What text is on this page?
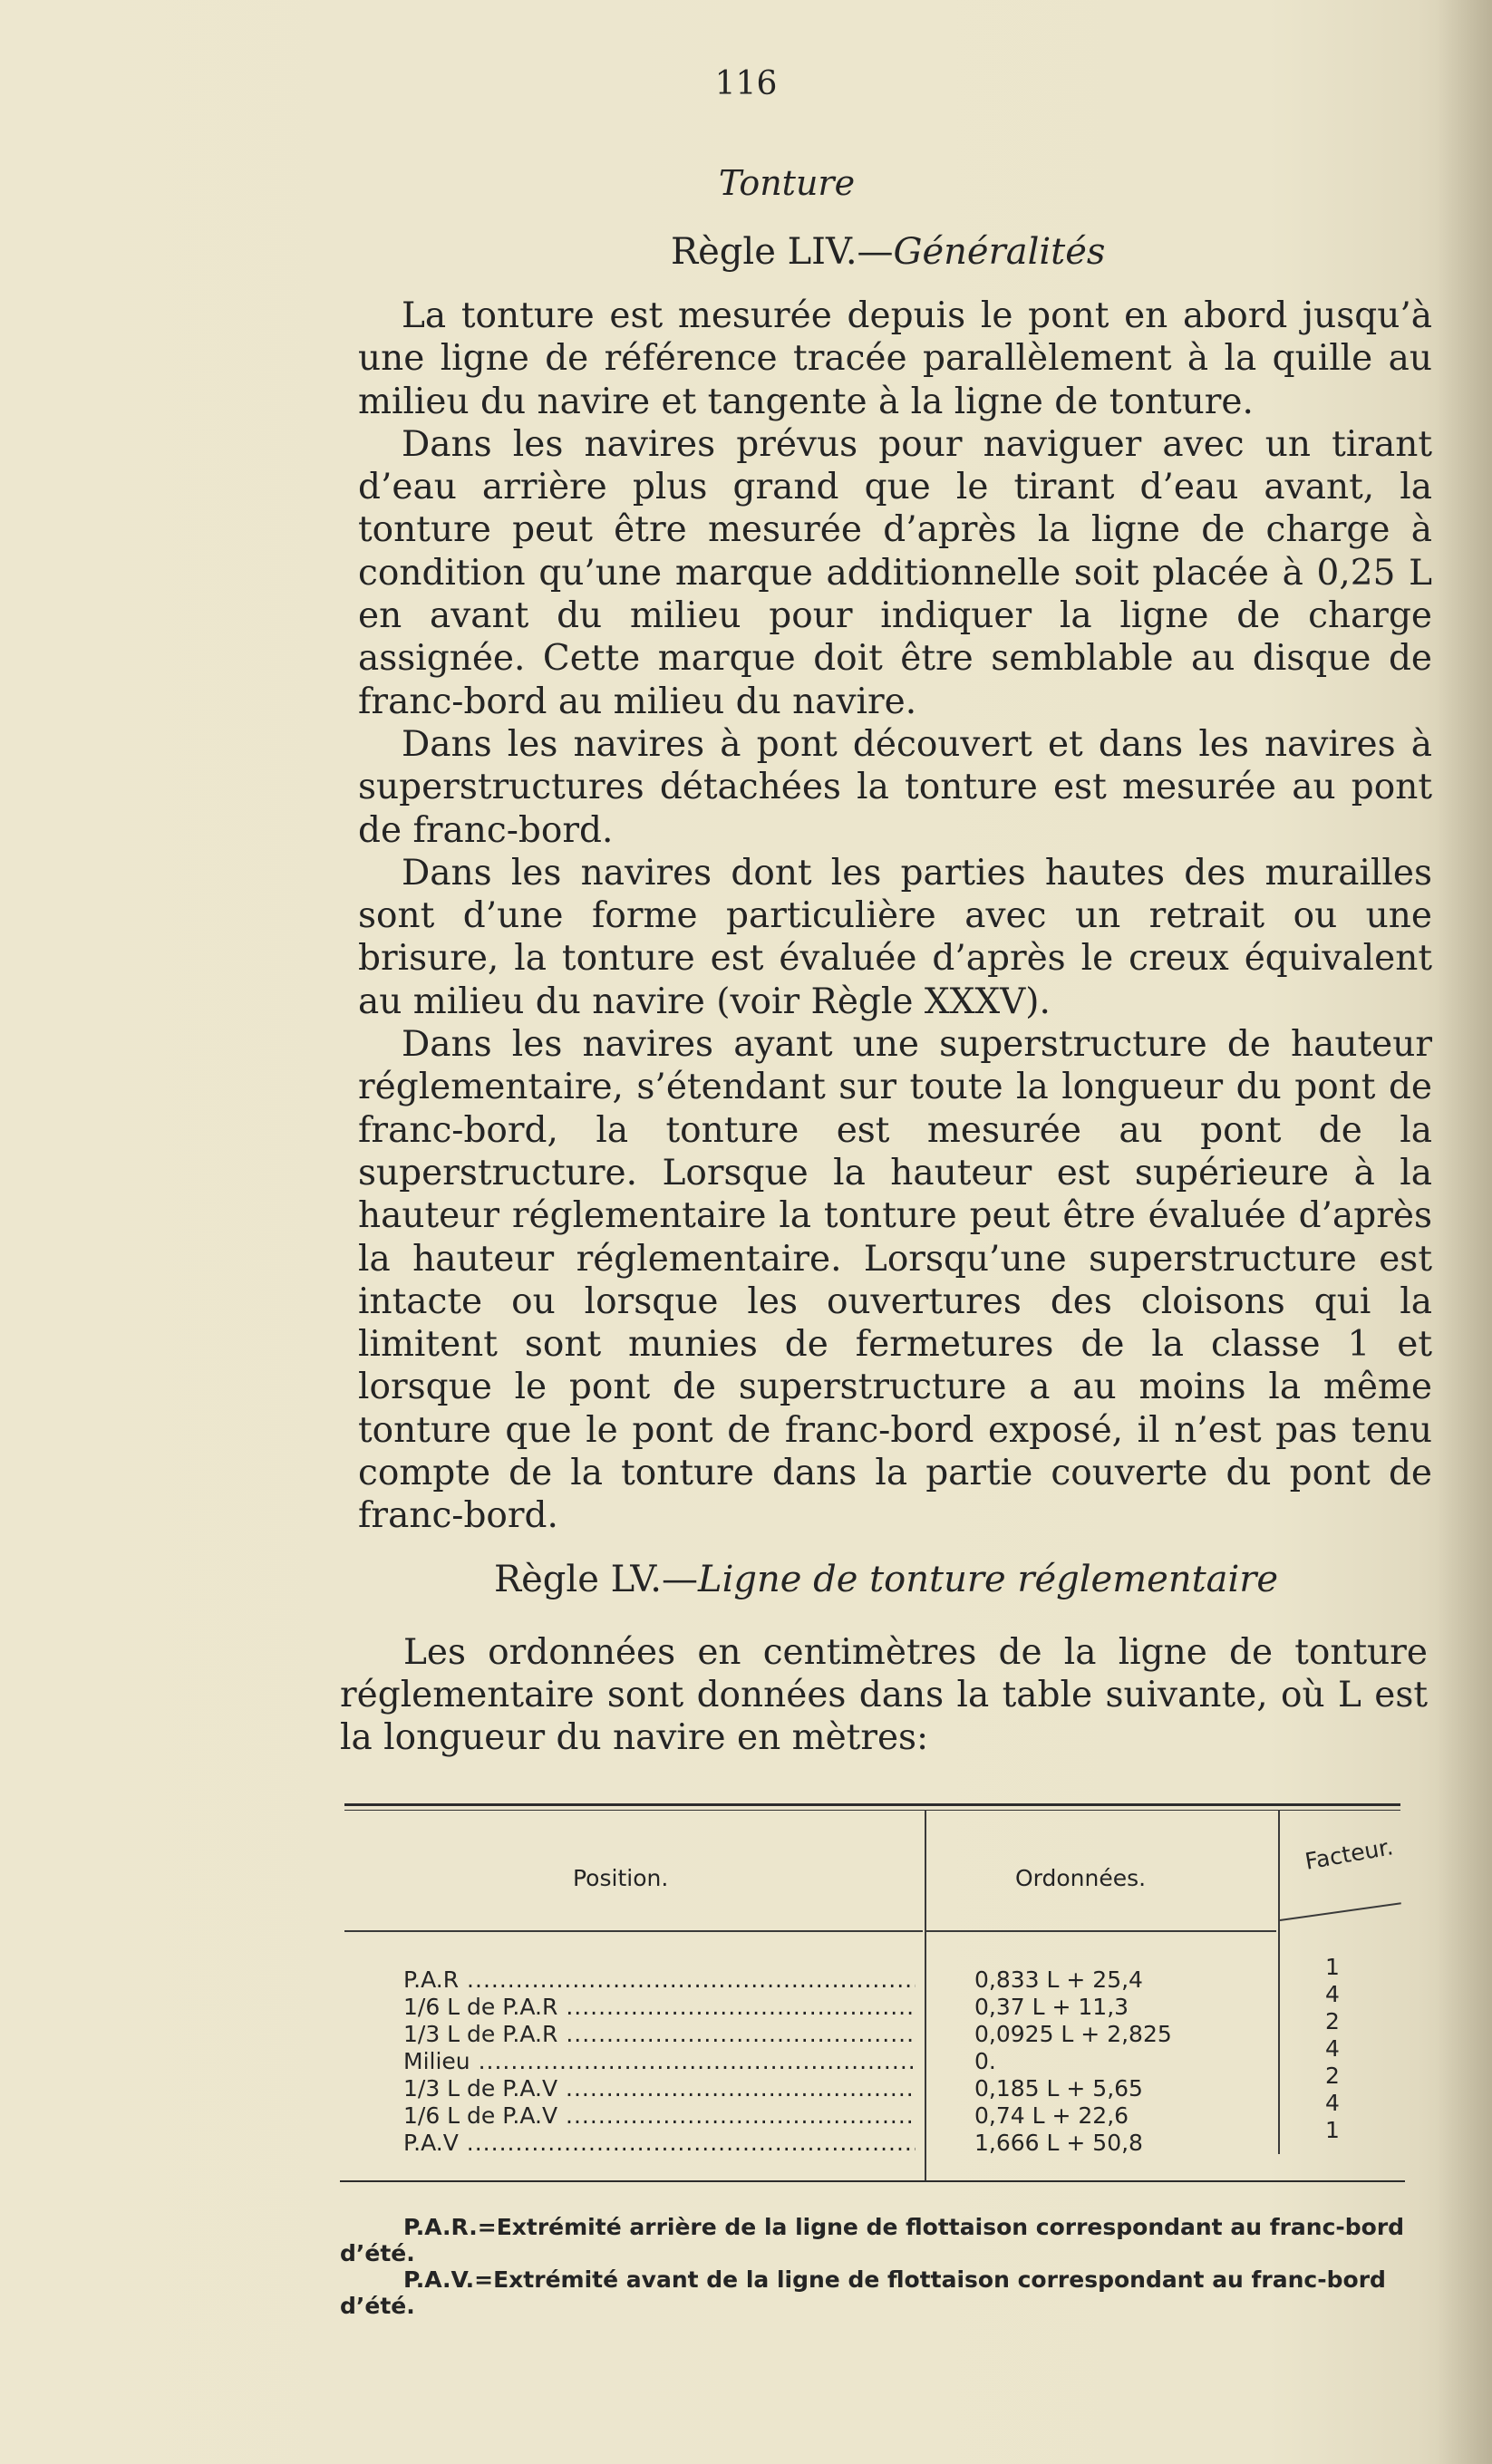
116
Tonture
Règle LIV.—Généralités

La tonture est mesurée depuis le pont en abord jusqu’à une ligne de référence tracée parallèlement à la quille au milieu du navire et tangente à la ligne de tonture.

Dans les navires prévus pour naviguer avec un tirant d’eau arrière plus grand que le tirant d’eau avant, la tonture peut être mesurée d’après la ligne de charge à condition qu’une marque additionnelle soit placée à 0,25 L en avant du milieu pour indiquer la ligne de charge assignée. Cette marque doit être semblable au disque de franc-bord au milieu du navire.

Dans les navires à pont découvert et dans les navires à superstructures détachées la tonture est mesurée au pont de franc-bord.

Dans les navires dont les parties hautes des murailles sont d’une forme particulière avec un retrait ou une brisure, la tonture est évaluée d’après le creux équivalent au milieu du navire (voir Règle XXXV).

Dans les navires ayant une superstructure de hauteur réglementaire, s’étendant sur toute la longueur du pont de franc-bord, la tonture est mesurée au pont de la superstructure. Lorsque la hauteur est supérieure à la hauteur réglementaire la tonture peut être évaluée d’après la hauteur réglementaire. Lorsqu’une superstructure est intacte ou lorsque les ouvertures des cloisons qui la limitent sont munies de fermetures de la classe 1 et lorsque le pont de superstructure a au moins la même tonture que le pont de franc-bord exposé, il n’est pas tenu compte de la tonture dans la partie couverte du pont de franc-bord.

Règle LV.—Ligne de tonture réglementaire

Les ordonnées en centimètres de la ligne de tonture réglementaire sont données dans la table suivante, où L est la longueur du navire en mètres:

Position.	Ordonnées.
Facteur.
P.A.R .....	0,833 L + 25,4	1
1/6 L de P.A.R .....	0,37 L + 11,3	4
1/3 L de P.A.R .....	0,0925 L + 2,825	2
Milieu .....	0.	4
1/3 L de P.A.V .....	0,185 L + 5,65	2
1/6 L de P.A.V .....	0,74 L + 22,6	4
P.A.V .....	1,666 L + 50,8	1

P.A.R.=Extrémité arrière de la ligne de flottaison correspondant au franc-bord d’été.

P.A.V.=Extrémité avant de la ligne de flottaison correspondant au franc-bord d’été.
